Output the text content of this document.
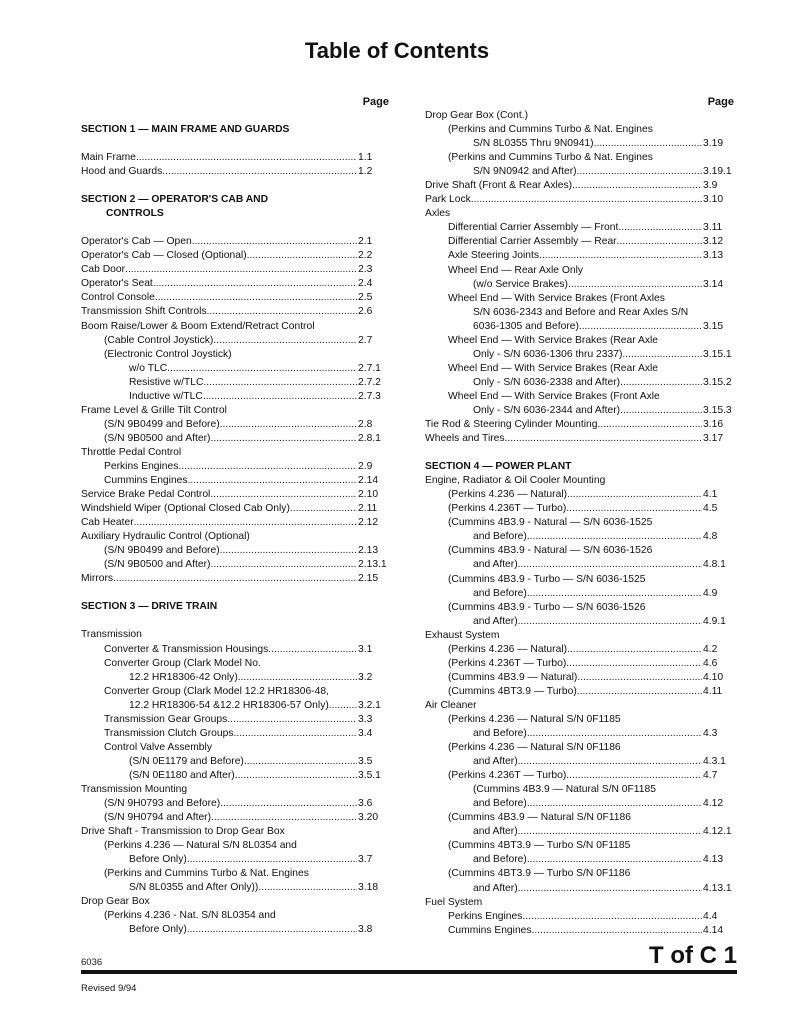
Table of Contents
Page
SECTION 1 — MAIN FRAME AND GUARDS
Main Frame .....	1.1
Hood and Guards .....	1.2
SECTION 2 — OPERATOR'S CAB AND
CONTROLS
Operator's Cab — Open .....	2.1
Operator's Cab — Closed (Optional) .....	2.2
Cab Door .....	2.3
Operator's Seat .....	2.4
Control Console .....	2.5
Transmission Shift Controls .....	2.6
Boom Raise/Lower & Boom Extend/Retract Control
(Cable Control Joystick) .....	2.7
(Electronic Control Joystick)
w/o TLC .....	2.7.1
Resistive w/TLC .....	2.7.2
Inductive w/TLC .....	2.7.3
Frame Level & Grille Tilt Control
(S/N 9B0499 and Before) .....	2.8
(S/N 9B0500 and After) .....	2.8.1
Throttle Pedal Control
Perkins Engines .....	2.9
Cummins Engines .....	2.14
Service Brake Pedal Control .....	2.10
Windshield Wiper (Optional Closed Cab Only) .....	2.11
Cab Heater .....	2.12
Auxiliary Hydraulic Control (Optional)
(S/N 9B0499 and Before) .....	2.13
(S/N 9B0500 and After) .....	2.13.1
Mirrors .....	2.15
SECTION 3 — DRIVE TRAIN
Transmission
Converter & Transmission Housings .....	3.1
Converter Group (Clark Model No.
12.2 HR18306-42 Only) .....	3.2
Converter Group (Clark Model 12.2 HR18306-48,
12.2 HR18306-54 &12.2 HR18306-57 Only) .....	3.2.1
Transmission Gear Groups .....	3.3
Transmission Clutch Groups .....	3.4
Control Valve Assembly
(S/N 0E1179 and Before) .....	3.5
(S/N 0E1180 and After) .....	3.5.1
Transmission Mounting
(S/N 9H0793 and Before) .....	3.6
(S/N 9H0794 and After) .....	3.20
Drive Shaft - Transmission to Drop Gear Box
(Perkins 4.236 — Natural S/N 8L0354 and
Before Only) .....	3.7
(Perkins and Cummins Turbo & Nat. Engines
S/N 8L0355 and After Only)) .....	3.18
Drop Gear Box
(Perkins 4.236 - Nat. S/N 8L0354 and
Before Only) .....	3.8
Page
Drop Gear Box (Cont.)
(Perkins and Cummins Turbo & Nat. Engines
S/N 8L0355 Thru 9N0941) .....	3.19
(Perkins and Cummins Turbo & Nat. Engines
S/N 9N0942 and After) .....	3.19.1
Drive Shaft (Front & Rear Axles) .....	3.9
Park Lock .....	3.10
Axles
Differential Carrier Assembly — Front .....	3.11
Differential Carrier Assembly — Rear .....	3.12
Axle Steering Joints .....	3.13
Wheel End — Rear Axle Only
(w/o Service Brakes) .....	3.14
Wheel End — With Service Brakes (Front Axles
S/N 6036-2343 and Before and Rear Axles S/N
6036-1305 and Before) .....	3.15
Wheel End — With Service Brakes (Rear Axle
Only - S/N 6036-1306 thru 2337) .....	3.15.1
Wheel End — With Service Brakes (Rear Axle
Only - S/N 6036-2338 and After) .....	3.15.2
Wheel End — With Service Brakes (Front Axle
Only - S/N 6036-2344 and After) .....	3.15.3
Tie Rod & Steering Cylinder Mounting .....	3.16
Wheels and Tires .....	3.17
SECTION 4 — POWER PLANT
Engine, Radiator & Oil Cooler Mounting
(Perkins 4.236 — Natural) .....	4.1
(Perkins 4.236T — Turbo) .....	4.5
(Cummins 4B3.9 - Natural — S/N 6036-1525
and Before) .....	4.8
(Cummins 4B3.9 - Natural — S/N 6036-1526
and After) .....	4.8.1
(Cummins 4B3.9 - Turbo — S/N 6036-1525
and Before) .....	4.9
(Cummins 4B3.9 - Turbo — S/N 6036-1526
and After) .....	4.9.1
Exhaust System
(Perkins 4.236 — Natural) .....	4.2
(Perkins 4.236T — Turbo) .....	4.6
(Cummins 4B3.9 — Natural) .....	4.10
(Cummins 4BT3.9 — Turbo) .....	4.11
Air Cleaner
(Perkins 4.236 — Natural S/N 0F1185
and Before) .....	4.3
(Perkins 4.236 — Natural S/N 0F1186
and After) .....	4.3.1
(Perkins 4.236T — Turbo) .....	4.7
(Cummins 4B3.9 — Natural S/N 0F1185
and Before) .....	4.12
(Cummins 4B3.9 — Natural S/N 0F1186
and After) .....	4.12.1
(Cummins 4BT3.9 — Turbo S/N 0F1185
and Before) .....	4.13
(Cummins 4BT3.9 — Turbo S/N 0F1186
and After) .....	4.13.1
Fuel System
Perkins Engines .....	4.4
Cummins Engines .....	4.14
6036	T of C 1
Revised 9/94
